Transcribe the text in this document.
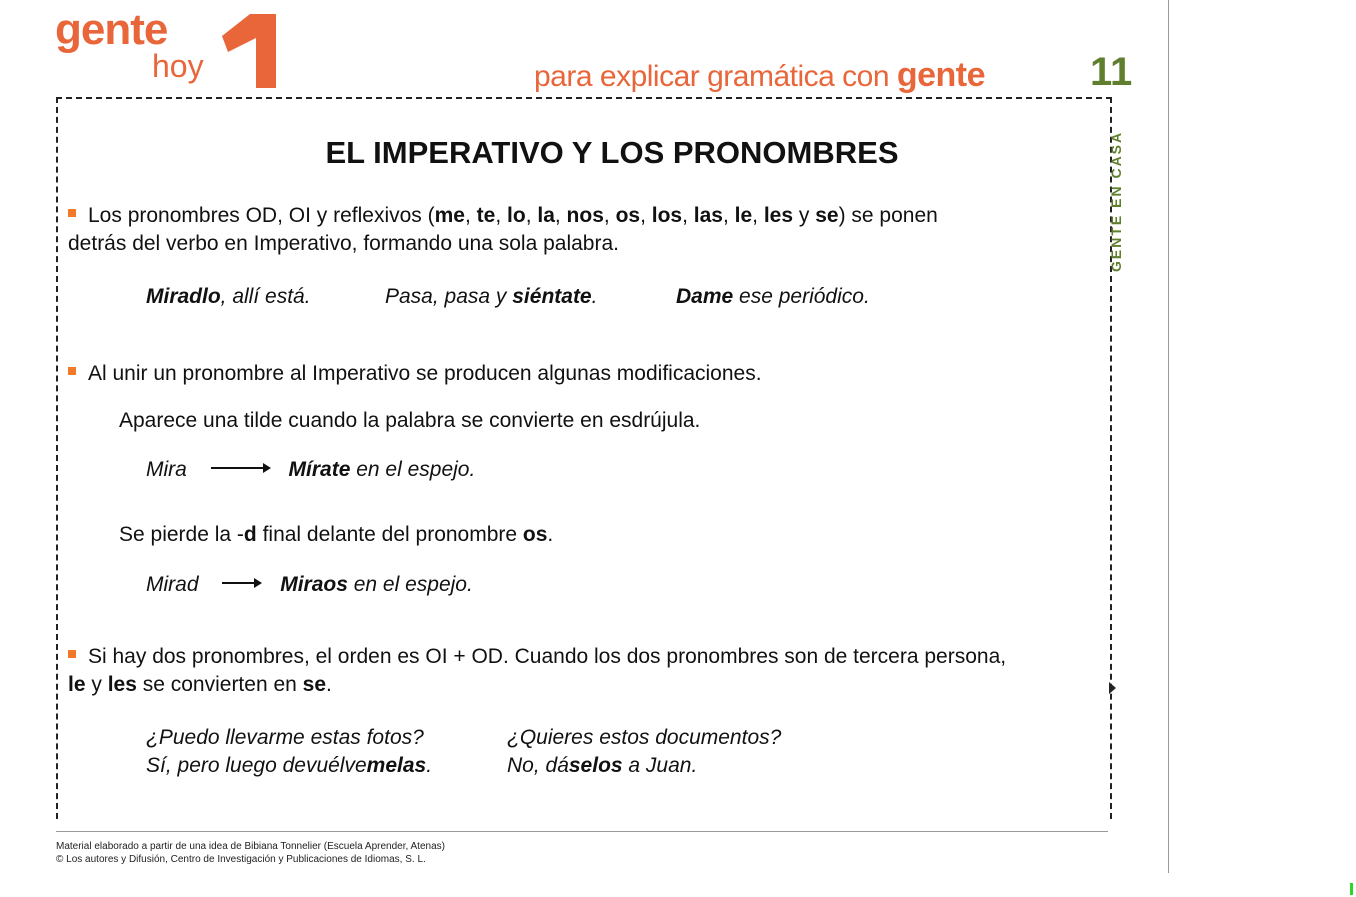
gente
hoy	para explicar gramática con gente	11
GENTE EN CASA
EL IMPERATIVO Y LOS PRONOMBRES
Los pronombres OD, OI y reflexivos (me, te, lo, la, nos, os, los, las, le, les y se) se ponen
detrás del verbo en Imperativo, formando una sola palabra.
Miradlo, allí está.	Pasa, pasa y siéntate.	Dame ese periódico.
Al unir un pronombre al Imperativo se producen algunas modificaciones.
Aparece una tilde cuando la palabra se convierte en esdrújula.
Mira	Mírate en el espejo.
Se pierde la -d final delante del pronombre os.
Mirad	Miraos en el espejo.
Si hay dos pronombres, el orden es OI + OD. Cuando los dos pronombres son de tercera persona,
le y les se convierten en se.
¿Puedo llevarme estas fotos?
Sí, pero luego devuélvemelas.
¿Quieres estos documentos?
No, dáselos a Juan.
Material elaborado a partir de una idea de Bibiana Tonnelier (Escuela Aprender, Atenas)
© Los autores y Difusión, Centro de Investigación y Publicaciones de Idiomas, S. L.
